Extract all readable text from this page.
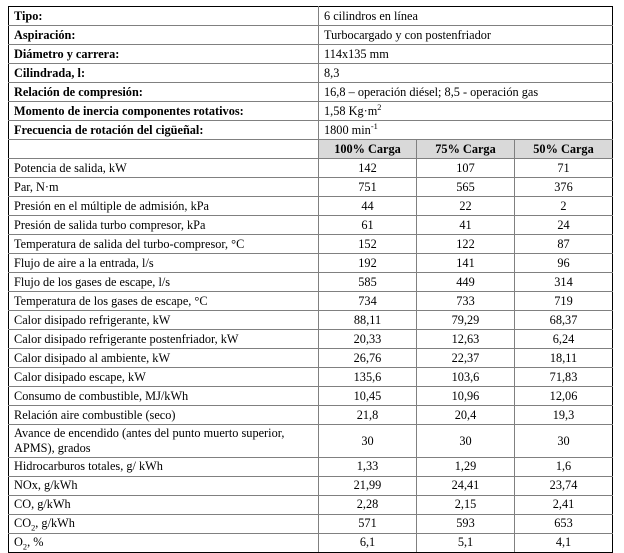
Tipo:	6 cilindros en línea		
Aspiración:	Turbocargado y con postenfriador		
Diámetro y carrera:	114x135 mm		
Cilindrada, l:	8,3		
Relación de compresión:	16,8 – operación diésel; 8,5 - operación gas		
Momento de inercia componentes rotativos:	1,58 $Kg\cdot m^2$
Frecuencia de rotación del cigüeñal:	1800 $\min^{-1}$
	100% Carga	75% Carga	50% Carga
Potencia de salida, kW	142	107	71
Par, N·m	751	565	376
Presión en el múltiple de admisión, kPa	44	22	2
Presión de salida turbo compresor, kPa	61	41	24
Temperatura de salida del turbo-compresor, °C	152	122	87
Flujo de aire a la entrada, l/s	192	141	96
Flujo de los gases de escape, l/s	585	449	314
Temperatura de los gases de escape, °C	734	733	719
Calor disipado refrigerante, kW	88,11	79,29	68,37
Calor disipado refrigerante postenfriador, kW	20,33	12,63	6,24
Calor disipado al ambiente, kW	26,76	22,37	18,11
Calor disipado escape, kW	135,6	103,6	71,83
Consumo de combustible, MJ/kWh	10,45	10,96	12,06
Relación aire combustible (seco)	21,8	20,4	19,3
Avance de encendido (antes del punto muerto superior, APMS), grados	30	30	30
Hidrocarburos totales, g/ kWh	1,33	1,29	1,6
NOx, g/kWh	21,99	24,41	23,74
CO, g/kWh	2,28	2,15	2,41
$CO_2$, g/kWh	571	593	653
$O_2$, %	6,1	5,1	4,1
